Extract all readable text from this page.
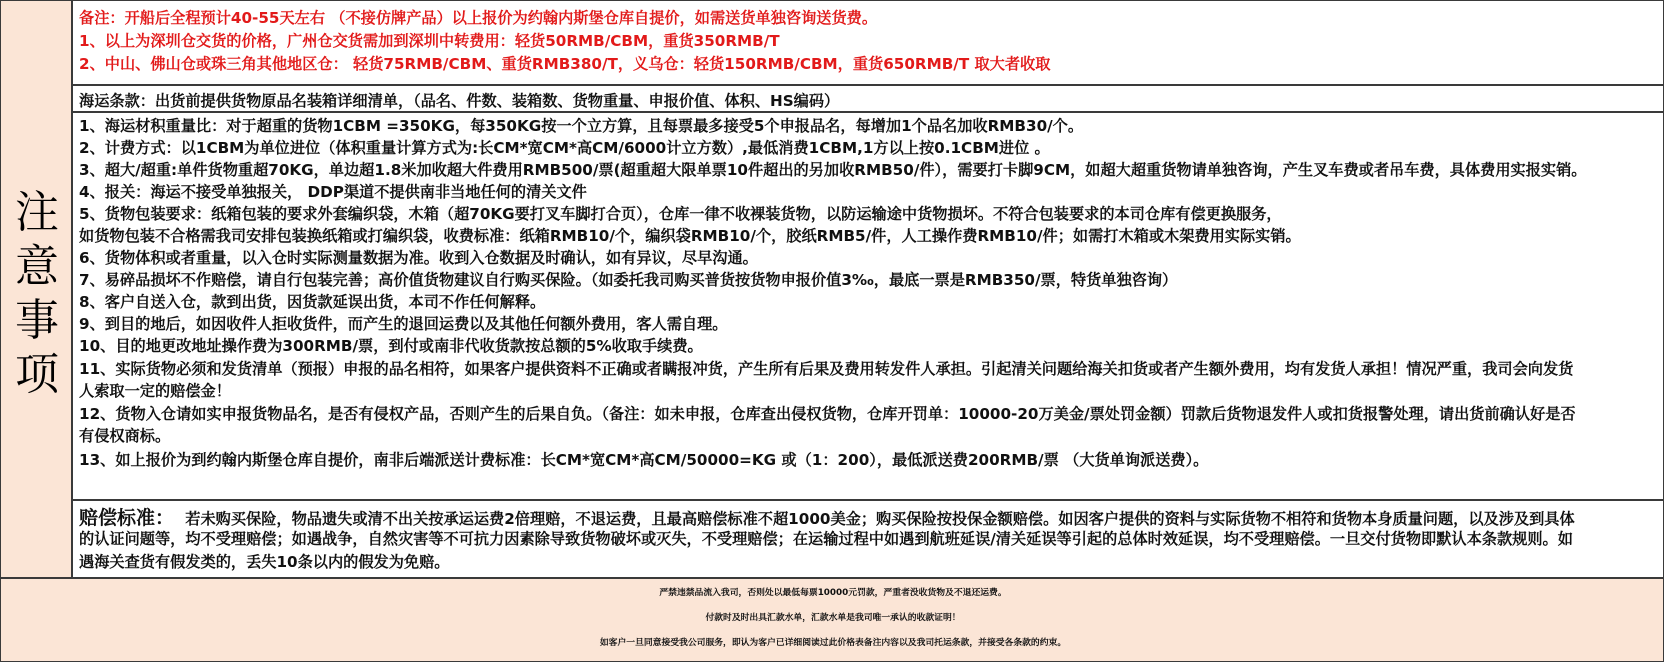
注
意
事
项
备注：开船后全程预计40-55天左右 （不接仿牌产品）以上报价为约翰内斯堡仓库自提价，如需送货单独咨询送货费。
1、以上为深圳仓交货的价格，广州仓交货需加到深圳中转费用：轻货50RMB/CBM，重货350RMB/T
2、中山、佛山仓或珠三角其他地区仓： 轻货75RMB/CBM、重货RMB380/T，义乌仓：轻货150RMB/CBM，重货650RMB/T 取大者收取
海运条款：出货前提供货物原品名装箱详细清单，（品名、件数、装箱数、货物重量、申报价值、体积、HS编码）
1、海运材积重量比：对于超重的货物1CBM =350KG，每350KG按一个立方算，且每票最多接受5个申报品名，每增加1个品名加收RMB30/个。
2、计费方式：以1CBM为单位进位（体积重量计算方式为:长CM*宽CM*高CM/6000计立方数）,最低消费1CBM,1方以上按0.1CBM进位 。
3、超大/超重:单件货物重超70KG，单边超1.8米加收超大件费用RMB500/票(超重超大限单票10件超出的另加收RMB50/件），需要打卡脚9CM，如超大超重货物请单独咨询，产生叉车费或者吊车费，具体费用实报实销。
4、报关：海运不接受单独报关， DDP渠道不提供南非当地任何的清关文件
5、货物包装要求：纸箱包装的要求外套编织袋，木箱（超70KG要打叉车脚打合页），仓库一律不收裸装货物，以防运输途中货物损坏。不符合包装要求的本司仓库有偿更换服务，
如货物包装不合格需我司安排包装换纸箱或打编织袋，收费标准：纸箱RMB10/个，编织袋RMB10/个，胶纸RMB5/件，人工操作费RMB10/件；如需打木箱或木架费用实际实销。
6、货物体积或者重量，以入仓时实际测量数据为准。收到入仓数据及时确认，如有异议，尽早沟通。
7、易碎品损坏不作赔偿，请自行包装完善；高价值货物建议自行购买保险。（如委托我司购买普货按货物申报价值3‰，最底一票是RMB350/票，特货单独咨询）
8、客户自送入仓，款到出货，因货款延误出货，本司不作任何解释。
9、到目的地后，如因收件人拒收货件，而产生的退回运费以及其他任何额外费用，客人需自理。
10、目的地更改地址操作费为300RMB/票，到付或南非代收货款按总额的5%收取手续费。
11、实际货物必须和发货清单（预报）申报的品名相符，如果客户提供资料不正确或者瞒报冲货，产生所有后果及费用转发件人承担。引起清关问题给海关扣货或者产生额外费用，均有发货人承担！情况严重，我司会向发货
人索取一定的赔偿金！
12、货物入仓请如实申报货物品名，是否有侵权产品，否则产生的后果自负。（备注：如未申报，仓库查出侵权货物，仓库开罚单：10000-20万美金/票处罚金额）罚款后货物退发件人或扣货报警处理，请出货前确认好是否
有侵权商标。
13、如上报价为到约翰内斯堡仓库自提价，南非后端派送计费标准：长CM*宽CM*高CM/50000=KG 或（1：200），最低派送费200RMB/票 （大货单询派送费）。
赔偿标准： 若未购买保险，物品遗失或清不出关按承运运费2倍理赔，不退运费，且最高赔偿标准不超1000美金；购买保险按投保金额赔偿。如因客户提供的资料与实际货物不相符和货物本身质量问题，以及涉及到具体
的认证问题等，均不受理赔偿；如遇战争，自然灾害等不可抗力因素除导致货物破坏或灭失，不受理赔偿；在运输过程中如遇到航班延误/清关延误等引起的总体时效延误，均不受理赔偿。一旦交付货物即默认本条款规则。如
遇海关查货有假发类的，丢失10条以内的假发为免赔。
严禁违禁品流入我司，否则处以最低每票10000元罚款，严重者没收货物及不退还运费。
付款时及时出具汇款水单，汇款水单是我司唯一承认的收款证明！
如客户一旦同意接受我公司服务，即认为客户已详细阅读过此价格表备注内容以及我司托运条款，并接受各条款的约束。
